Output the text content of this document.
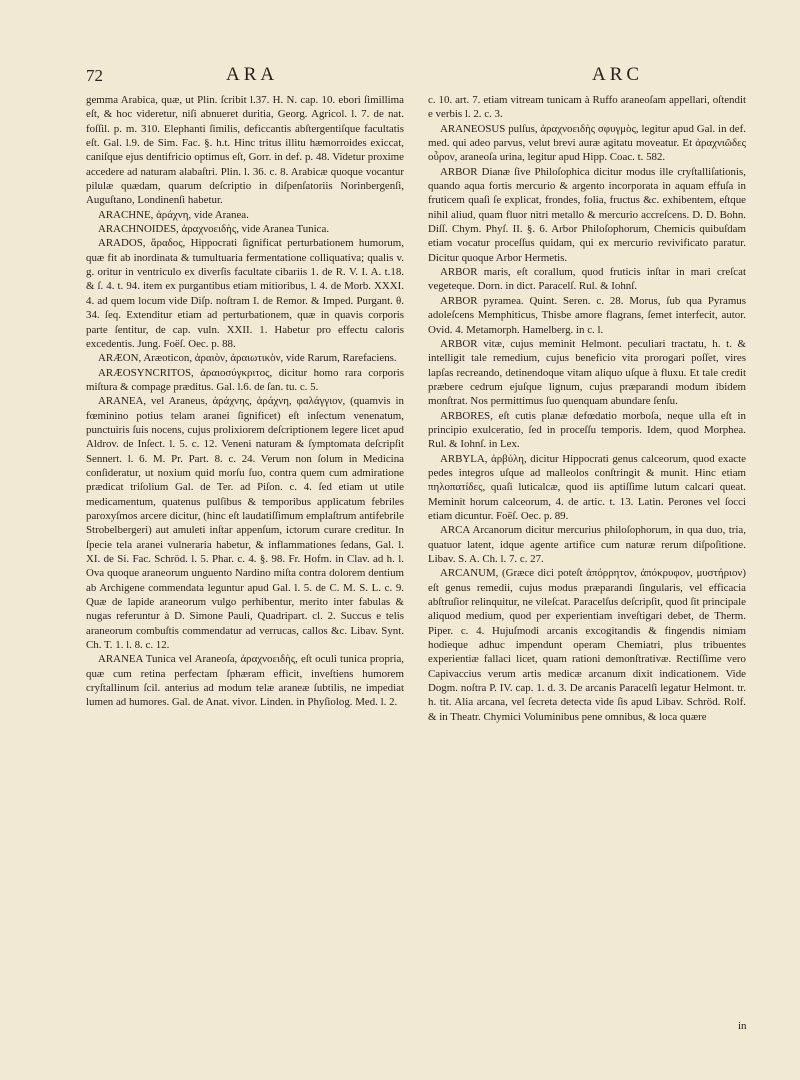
72	ARA	ARC

gemma Arabica, quæ, ut Plin. ſcribit l.37. H. N. cap. 10. ebori ſimillima eſt, & hoc videretur, niſi abnueret duritia, Georg. Agricol. l. 7. de nat. foſſil. p. m. 310. Elephanti ſimilis, deficcantis abſtergentiſque facultatis eſt. Gal. l.9. de Sim. Fac. §. h.t. Hinc tritus illitu hæmorroides exiccat, caniſque ejus dentifricio optimus eſt, Gorr. in def. p. 48. Videtur proxime accedere ad naturam alabaſtri. Plin. l. 36. c. 8. Arabicæ quoque vocantur pilulæ quædam, quarum deſcriptio in diſpenſatoriis Norinbergenſi, Auguſtano, Londinenſi habetur.

ARACHNE, ἀράχνη, vide Aranea.

ARACHNOIDES, ἀραχνοειδὴς, vide Aranea Tunica.

ARADOS, ἄραδος, Hippocrati ſignificat perturbationem humorum, quæ fit ab inordinata & tumultuaria fermentatione colliquativa; qualis v. g. oritur in ventriculo ex diverſis facultate cibariis 1. de R. V. I. A. t.18. & ſ. 4. t. 94. item ex purgantibus etiam mitioribus, l. 4. de Morb. XXXI. 4. ad quem locum vide Diſp. noſtram I. de Remor. & Imped. Purgant. θ. 34. ſeq. Extenditur etiam ad perturbationem, quæ in quavis corporis parte ſentitur, de cap. vuln. XXII. 1. Habetur pro effectu caloris excedentis. Jung. Foëſ. Oec. p. 88.

ARÆON, Aræoticon, ἀραιὸν, ἀραιωτικὸν, vide Rarum, Rarefaciens.

ARÆOSYNCRITOS, ἀραιοσύγκριτος, dicitur homo rara corporis miſtura & compage præditus. Gal. l.6. de ſan. tu. c. 5.

ARANEA, vel Araneus, ἀράχνης, ἀράχνη, φαλάγγιον, (quamvis in fœminino potius telam aranei ſignificet) eſt inſectum venenatum, punctuiris ſuis nocens, cujus prolixiorem deſcriptionem legere licet apud Aldrov. de Inſect. l. 5. c. 12. Veneni naturam & ſymptomata deſcripſit Sennert. l. 6. M. Pr. Part. 8. c. 24. Verum non ſolum in Medicina conſideratur, ut noxium quid morſu ſuo, contra quem cum admiratione prædicat triſolium Gal. de Ter. ad Piſon. c. 4. ſed etiam ut utile medicamentum, quatenus pulſibus & temporibus applicatum febriles paroxyſmos arcere dicitur, (hinc eſt laudatiſſimum emplaſtrum antifebrile Strobelbergeri) aut amuleti inſtar appenſum, ictorum curare creditur. In ſpecie tela aranei vulneraria habetur, & inflammationes ſedans, Gal. l. XI. de Si. Fac. Schröd. l. 5. Phar. c. 4. §. 98. Fr. Hofm. in Clav. ad h. l. Ova quoque araneorum unguento Nardino miſta contra dolorem dentium ab Archigene commendata leguntur apud Gal. l. 5. de C. M. S. L. c. 9. Quæ de lapide araneorum vulgo perhibentur, merito inter fabulas & nugas referuntur à D. Simone Pauli, Quadripart. cl. 2. Succus e telis araneorum combuſtis commendatur ad verrucas, callos &c. Libav. Synt. Ch. T. 1. l. 8. c. 12.

ARANEA Tunica vel Araneoſa, ἀραχνοειδὴς, eſt oculi tunica propria, quæ cum retina perfectam ſphæram efficit, inveſtiens humorem cryſtallinum ſcil. anterius ad modum telæ araneæ ſubtilis, ne impediat lumen ad humores. Gal. de Anat. vivor. Linden. in Phyſiolog. Med. l. 2.

c. 10. art. 7. etiam vitream tunicam à Ruffo araneoſam appellari, oſtendit e verbis l. 2. c. 3.

ARANEOSUS pulſus, ἀραχνοειδὴς σφυγμὸς, legitur apud Gal. in def. med. qui adeo parvus, velut brevi auræ agitatu moveatur. Et ἀραχνιῶδες οὖρον, araneoſa urina, legitur apud Hipp. Coac. t. 582.

ARBOR Dianæ ſive Philoſophica dicitur modus ille cryſtalliſationis, quando aqua fortis mercurio & argento incorporata in aquam effuſa in fruticem quaſi ſe explicat, frondes, folia, fructus &c. exhibentem, eſtque nihil aliud, quam fluor nitri metallo & mercurio accreſcens. D. D. Bohn. Diſſ. Chym. Phyſ. II. §. 6. Arbor Philoſophorum, Chemicis quibuſdam etiam vocatur proceſſus quidam, qui ex mercurio revivificato paratur. Dicitur quoque Arbor Hermetis.

ARBOR maris, eſt corallum, quod fruticis inſtar in mari creſcat vegeteque. Dorn. in dict. Paracelſ. Rul. & Iohnſ.

ARBOR pyramea. Quint. Seren. c. 28. Morus, ſub qua Pyramus adoleſcens Memphiticus, Thisbe amore flagrans, ſemet interfecit, autor. Ovid. 4. Metamorph. Hamelberg. in c. l.

ARBOR vitæ, cujus meminit Helmont. peculiari tractatu, h. t. & intelligit tale remedium, cujus beneficio vita prorogari poſſet, vires lapſas recreando, detinendoque vitam aliquo uſque à fluxu. Et tale credit præbere cedrum ejuſque lignum, cujus præparandi modum ibidem monſtrat. Nos permittimus ſuo quenquam abundare ſenſu.

ARBORES, eſt cutis planæ defœdatio morboſa, neque ulla eſt in principio exulceratio, ſed in proceſſu temporis. Idem, quod Morphea. Rul. & Iohnſ. in Lex.

ARBYLA, ἀρβύλη, dicitur Hippocrati genus calceorum, quod exacte pedes integros uſque ad malleolos conſtringit & munit. Hinc etiam πηλοπατίδες, quaſi luticalcæ, quod iis aptiſſime lutum calcari queat. Meminit horum calceorum, 4. de artic. t. 13. Latin. Perones vel ſocci etiam dicuntur. Foëſ. Oec. p. 89.

ARCA Arcanorum dicitur mercurius philoſophorum, in qua duo, tria, quatuor latent, idque agente artifice cum naturæ rerum diſpoſitione. Libav. S. A. Ch. l. 7. c. 27.

ARCANUM, (Græce dici poteſt ἀπόρρητον, ἀπόκρυφον, μυστήριον) eſt genus remedii, cujus modus præparandi ſingularis, vel efficacia abſtruſior relinquitur, ne vileſcat. Paracelſus deſcripſit, quod ſit principale aliquod medium, quod per experientiam inveſtigari debet, de Therm. Piper. c. 4. Hujuſmodi arcanis excogitandis & fingendis nimiam hodieque adhuc impendunt operam Chemiatri, plus tribuentes experientiæ fallaci licet, quam rationi demonſtrativæ. Rectiſſime vero Capivaccius verum artis medicæ arcanum dixit indicationem. Vide Dogm. noſtra P. IV. cap. 1. d. 3. De arcanis Paracelſi legatur Helmont. tr. h. tit. Alia arcana, vel ſecreta detecta vide ſis apud Libav. Schröd. Rolf. & in Theatr. Chymici Voluminibus pene omnibus, & loca quære

in
